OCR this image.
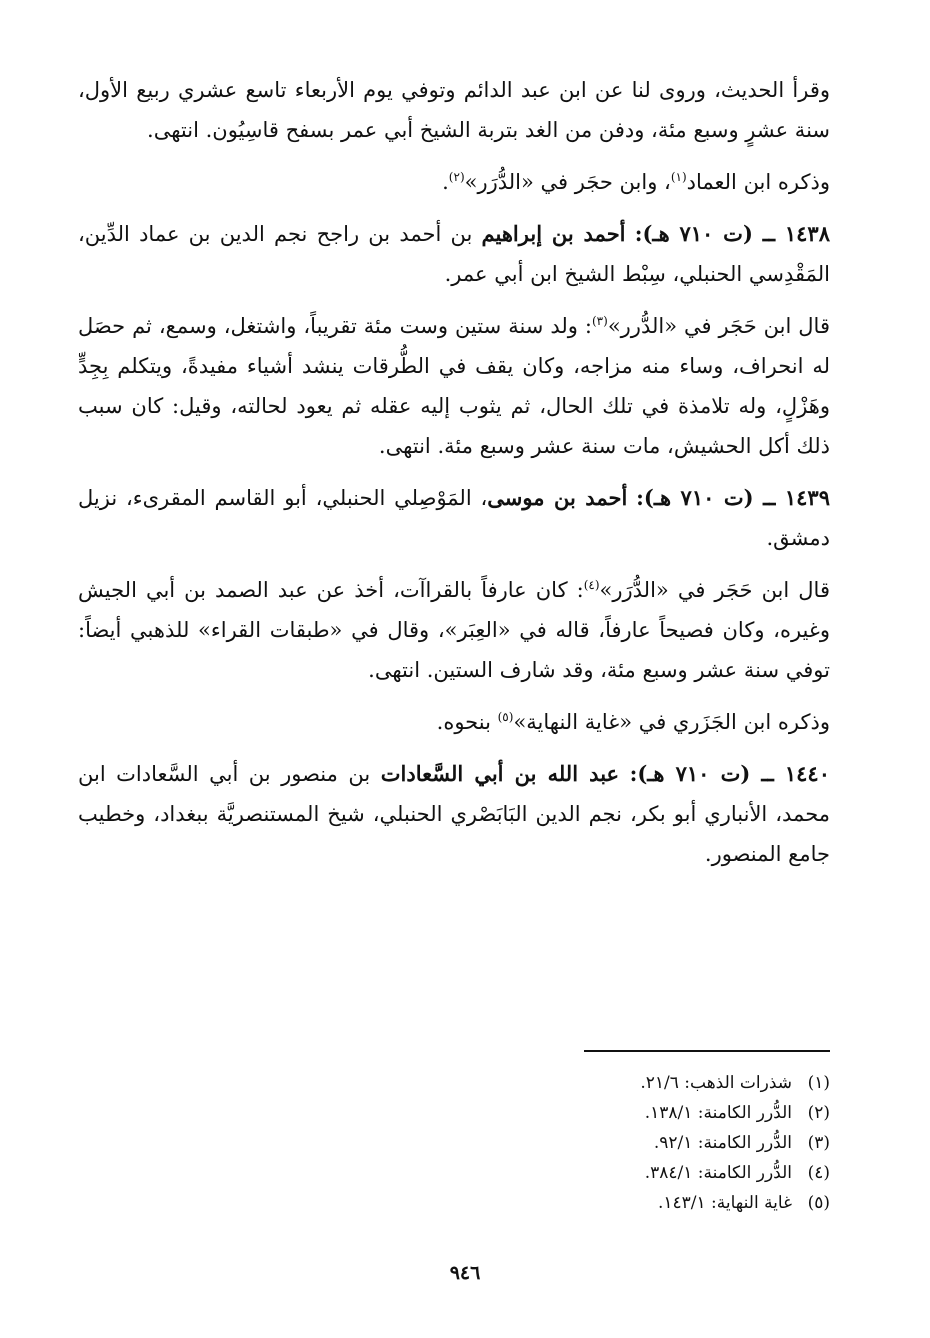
وقرأ الحديث، وروى لنا عن ابن عبد الدائم وتوفي يوم الأربعاء تاسع عشري ربيع الأول، سنة عشرٍ وسبع مئة، ودفن من الغد بتربة الشيخ أبي عمر بسفح قاسِيُون. انتهى.

وذكره ابن العماد$^{(١)}$، وابن حجَر في «الدُّرَر»$^{(٢)}$.

١٤٣٨ ــ (ت ٧١٠ هـ): أحمد بن إبراهيم بن أحمد بن راجح نجم الدين بن عماد الدِّين، المَقْدِسي الحنبلي، سِبْط الشيخ ابن أبي عمر.

قال ابن حَجَر في «الدُّرر»$^{(٣)}$: ولد سنة ستين وست مئة تقريباً، واشتغل، وسمع، ثم حصَل له انحراف، وساء منه مزاجه، وكان يقف في الطُّرقات ينشد أشياء مفيدةً، ويتكلم بِجِدٍّ وهَزْلٍ، وله تلامذة في تلك الحال، ثم يثوب إليه عقله ثم يعود لحالته، وقيل: كان سبب ذلك أكل الحشيش، مات سنة عشر وسبع مئة. انتهى.

١٤٣٩ ــ (ت ٧١٠ هـ): أحمد بن موسى، المَوْصِلي الحنبلي، أبو القاسم المقرىء، نزيل دمشق.

قال ابن حَجَر في «الدُّرَر»$^{(٤)}$: كان عارفاً بالقراآت، أخذ عن عبد الصمد بن أبي الجيش وغيره، وكان فصيحاً عارفاً، قاله في «العِبَر»، وقال في «طبقات القراء» للذهبي أيضاً: توفي سنة عشر وسبع مئة، وقد شارف الستين. انتهى.

وذكره ابن الجَزَري في «غاية النهاية»$^{(٥)}$ بنحوه.

١٤٤٠ ــ (ت ٧١٠ هـ): عبد الله بن أبي السَّعادات بن منصور بن أبي السَّعادات ابن محمد، الأنباري أبو بكر، نجم الدين البَابَصْري الحنبلي، شيخ المستنصريَّة ببغداد، وخطيب جامع المنصور.

(١)شذرات الذهب: ٢١/٦.
(٢)الدُّرر الكامنة: ١٣٨/١.
(٣)الدُّرر الكامنة: ٩٢/١.
(٤)الدُّرر الكامنة: ٣٨٤/١.
(٥)غاية النهاية: ١٤٣/١.
٩٤٦
